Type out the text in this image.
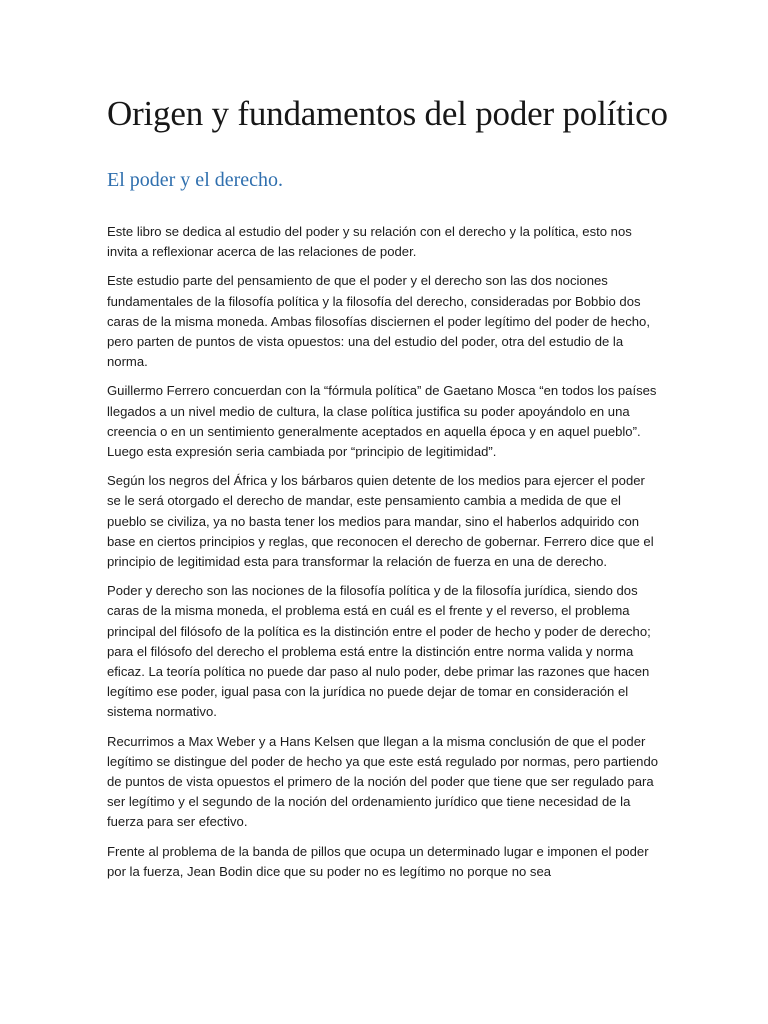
Origen y fundamentos del poder político
El poder y el derecho.

Este libro se dedica al estudio del poder y su relación con el derecho y la política, esto nos invita a reflexionar acerca de las relaciones de poder.

Este estudio parte del pensamiento de que el poder y el derecho son las dos nociones fundamentales de la filosofía política y la filosofía del derecho, consideradas por Bobbio dos caras de la misma moneda. Ambas filosofías disciernen el poder legítimo del poder de hecho, pero parten de puntos de vista opuestos: una del estudio del poder, otra del estudio de la norma.

Guillermo Ferrero concuerdan con la “fórmula política” de Gaetano Mosca “en todos los países llegados a un nivel medio de cultura, la clase política justifica su poder apoyándolo en una creencia o en un sentimiento generalmente aceptados en aquella época y en aquel pueblo”. Luego esta expresión seria cambiada por “principio de legitimidad”.

Según los negros del África y los bárbaros quien detente de los medios para ejercer el poder se le será otorgado el derecho de mandar, este pensamiento cambia a medida de que el pueblo se civiliza, ya no basta tener los medios para mandar, sino el haberlos adquirido con base en ciertos principios y reglas, que reconocen el derecho de gobernar. Ferrero dice que el principio de legitimidad esta para transformar la relación de fuerza en una de derecho.

Poder y derecho son las nociones de la filosofía política y de la filosofía jurídica, siendo dos caras de la misma moneda, el problema está en cuál es el frente y el reverso, el problema principal del filósofo de la política es la distinción entre el poder de hecho y poder de derecho; para el filósofo del derecho el problema está entre la distinción entre norma valida y norma eficaz. La teoría política no puede dar paso al nulo poder, debe primar las razones que hacen legítimo ese poder, igual pasa con la jurídica no puede dejar de tomar en consideración el sistema normativo.

Recurrimos a Max Weber y a Hans Kelsen que llegan a la misma conclusión de que el poder legítimo se distingue del poder de hecho ya que este está regulado por normas, pero partiendo de puntos de vista opuestos el primero de la noción del poder que tiene que ser regulado para ser legítimo y el segundo de la noción del ordenamiento jurídico que tiene necesidad de la fuerza para ser efectivo.

Frente al problema de la banda de pillos que ocupa un determinado lugar e imponen el poder por la fuerza, Jean Bodin dice que su poder no es legítimo no porque no sea
